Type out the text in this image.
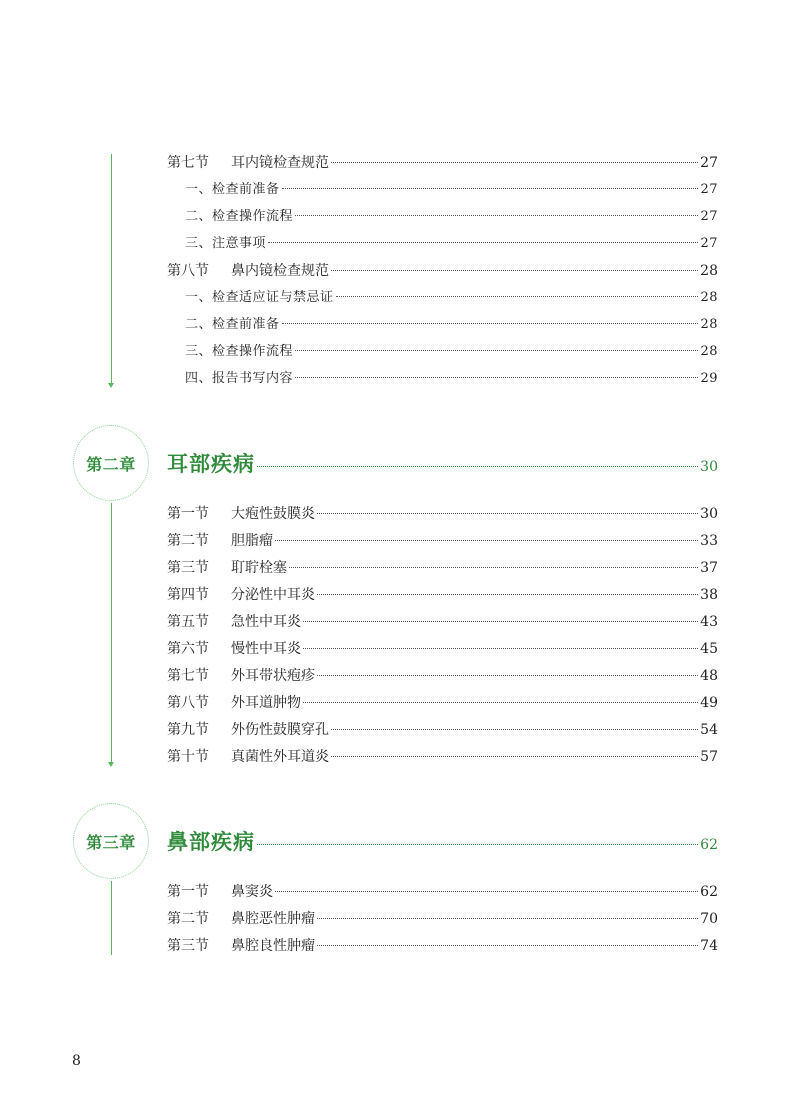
第七节	耳内镜检查规范	27
一、检查前准备	27
二、检查操作流程	27
三、注意事项	27
第八节	鼻内镜检查规范	28
一、检查适应证与禁忌证	28
二、检查前准备	28
三、检查操作流程	28
四、报告书写内容	29
第二章	耳部疾病	30
第一节	大疱性鼓膜炎	30
第二节	胆脂瘤	33
第三节	耵聍栓塞	37
第四节	分泌性中耳炎	38
第五节	急性中耳炎	43
第六节	慢性中耳炎	45
第七节	外耳带状疱疹	48
第八节	外耳道肿物	49
第九节	外伤性鼓膜穿孔	54
第十节	真菌性外耳道炎	57
第三章	鼻部疾病	62
第一节	鼻窦炎	62
第二节	鼻腔恶性肿瘤	70
第三节	鼻腔良性肿瘤	74
8
